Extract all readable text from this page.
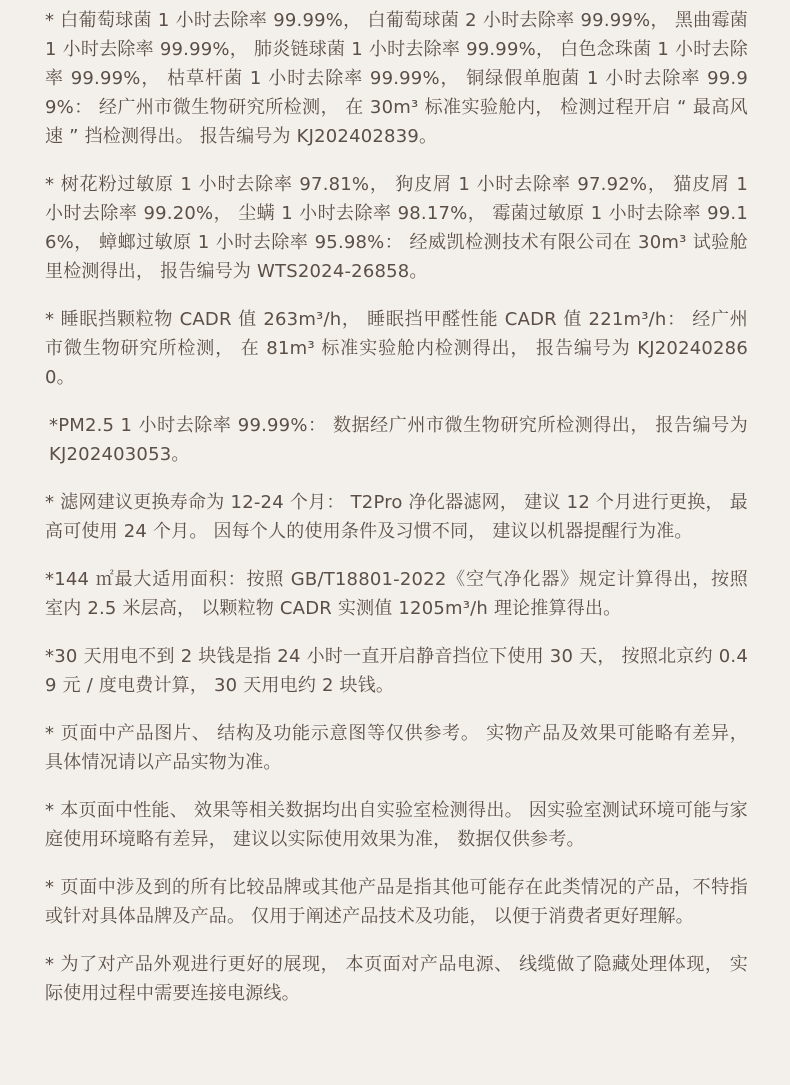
* 白葡萄球菌 1 小时去除率 99.99%， 白葡萄球菌 2 小时去除率 99.99%， 黑曲霉菌 1 小时去除率 99.99%， 肺炎链球菌 1 小时去除率 99.99%， 白色念珠菌 1 小时去除率 99.99%， 枯草杆菌 1 小时去除率 99.99%， 铜绿假单胞菌 1 小时去除率 99.99%： 经广州市微生物研究所检测， 在 30m³ 标准实验舱内， 检测过程开启 “ 最高风速 ” 挡检测得出。 报告编号为 KJ202402839。

* 树花粉过敏原 1 小时去除率 97.81%， 狗皮屑 1 小时去除率 97.92%， 猫皮屑 1 小时去除率 99.20%， 尘螨 1 小时去除率 98.17%， 霉菌过敏原 1 小时去除率 99.16%， 蟑螂过敏原 1 小时去除率 95.98%： 经威凯检测技术有限公司在 30m³ 试验舱里检测得出， 报告编号为 WTS2024-26858。

* 睡眠挡颗粒物 CADR 值 263m³/h， 睡眠挡甲醛性能 CADR 值 221m³/h： 经广州市微生物研究所检测， 在 81m³ 标准实验舱内检测得出， 报告编号为 KJ202402860。

*PM2.5 1 小时去除率 99.99%： 数据经广州市微生物研究所检测得出， 报告编号为 KJ202403053。

* 滤网建议更换寿命为 12-24 个月： T2Pro 净化器滤网， 建议 12 个月进行更换， 最高可使用 24 个月。 因每个人的使用条件及习惯不同， 建议以机器提醒行为准。

*144 ㎡最大适用面积：按照 GB/T18801-2022《空气净化器》规定计算得出，按照室内 2.5 米层高， 以颗粒物 CADR 实测值 1205m³/h 理论推算得出。

*30 天用电不到 2 块钱是指 24 小时一直开启静音挡位下使用 30 天， 按照北京约 0.49 元 / 度电费计算， 30 天用电约 2 块钱。

* 页面中产品图片、 结构及功能示意图等仅供参考。 实物产品及效果可能略有差异， 具体情况请以产品实物为准。

* 本页面中性能、 效果等相关数据均出自实验室检测得出。 因实验室测试环境可能与家庭使用环境略有差异， 建议以实际使用效果为准， 数据仅供参考。

* 页面中涉及到的所有比较品牌或其他产品是指其他可能存在此类情况的产品，不特指或针对具体品牌及产品。 仅用于阐述产品技术及功能， 以便于消费者更好理解。

* 为了对产品外观进行更好的展现， 本页面对产品电源、 线缆做了隐藏处理体现， 实际使用过程中需要连接电源线。
